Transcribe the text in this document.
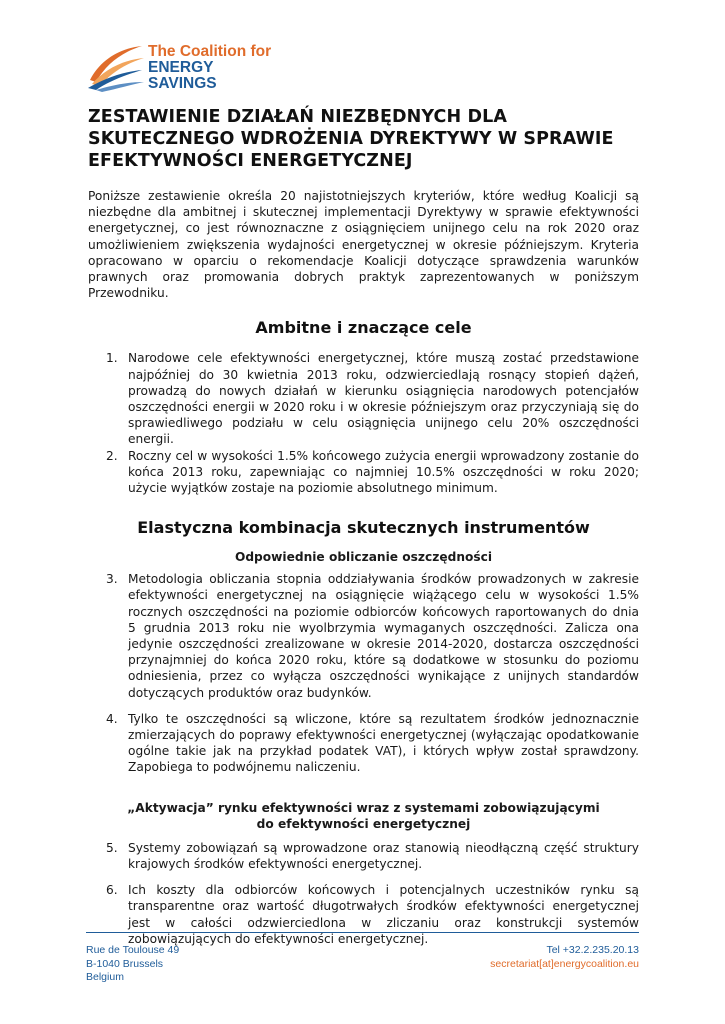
The Coalition for
ENERGY SAVINGS
ZESTAWIENIE DZIAŁAŃ NIEZBĘDNYCH DLA SKUTECZNEGO WDROŻENIA DYREKTYWY W SPRAWIE EFEKTYWNOŚCI ENERGETYCZNEJ

Poniższe zestawienie określa 20 najistotniejszych kryteriów, które według Koalicji są niezbędne dla ambitnej i skutecznej implementacji Dyrektywy w sprawie efektywności energetycznej, co jest równoznaczne z osiągnięciem unijnego celu na rok 2020 oraz umożliwieniem zwiększenia wydajności energetycznej w okresie późniejszym. Kryteria opracowano w oparciu o rekomendacje Koalicji dotyczące sprawdzenia warunków prawnych oraz promowania dobrych praktyk zaprezentowanych w poniższym Przewodniku.

Ambitne i znaczące cele
1. Narodowe cele efektywności energetycznej, które muszą zostać przedstawione najpóźniej do 30 kwietnia 2013 roku, odzwierciedlają rosnący stopień dążeń, prowadzą do nowych działań w kierunku osiągnięcia narodowych potencjałów oszczędności energii w 2020 roku i w okresie późniejszym oraz przyczyniają się do sprawiedliwego podziału w celu osiągnięcia unijnego celu 20% oszczędności energii.
2. Roczny cel w wysokości 1.5% końcowego zużycia energii wprowadzony zostanie do końca 2013 roku, zapewniając co najmniej 10.5% oszczędności w roku 2020; użycie wyjątków zostaje na poziomie absolutnego minimum.
Elastyczna kombinacja skutecznych instrumentów
Odpowiednie obliczanie oszczędności
3. Metodologia obliczania stopnia oddziaływania środków prowadzonych w zakresie efektywności energetycznej na osiągnięcie wiążącego celu w wysokości 1.5% rocznych oszczędności na poziomie odbiorców końcowych raportowanych do dnia 5 grudnia 2013 roku nie wyolbrzymia wymaganych oszczędności. Zalicza ona jedynie oszczędności zrealizowane w okresie 2014-2020, dostarcza oszczędności przynajmniej do końca 2020 roku, które są dodatkowe w stosunku do poziomu odniesienia, przez co wyłącza oszczędności wynikające z unijnych standardów dotyczących produktów oraz budynków.
4. Tylko te oszczędności są wliczone, które są rezultatem środków jednoznacznie zmierzających do poprawy efektywności energetycznej (wyłączając opodatkowanie ogólne takie jak na przykład podatek VAT), i których wpływ został sprawdzony. Zapobiega to podwójnemu naliczeniu.
„Aktywacja” rynku efektywności wraz z systemami zobowiązującymi do efektywności energetycznej
5. Systemy zobowiązań są wprowadzone oraz stanowią nieodłączną część struktury krajowych środków efektywności energetycznej.
6. Ich koszty dla odbiorców końcowych i potencjalnych uczestników rynku są transparentne oraz wartość długotrwałych środków efektywności energetycznej jest w całości odzwierciedlona w zliczaniu oraz konstrukcji systemów zobowiązujących do efektywności energetycznej.
Rue de Toulouse 49
B-1040 Brussels
Belgium
Tel +32.2.235.20.13
secretariat[at]energycoalition.eu
